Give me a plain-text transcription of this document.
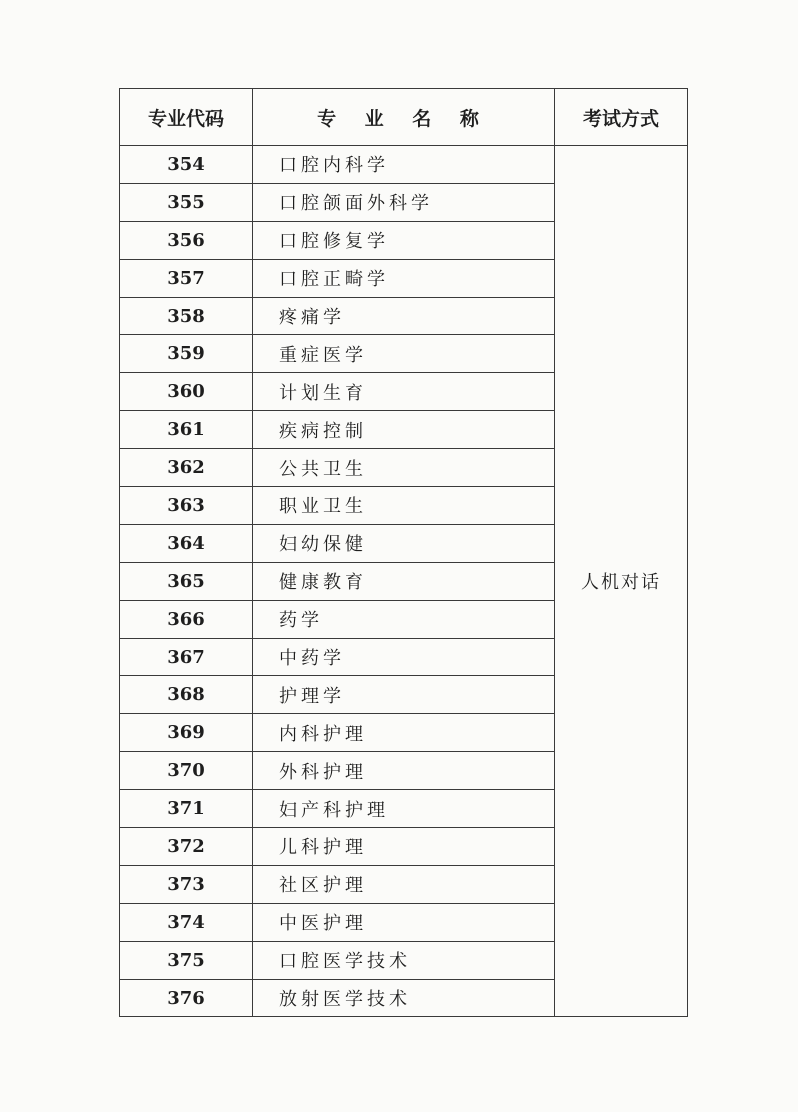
专业代码	专 业 名 称	考试方式
354	口腔内科学	人机对话
355	口腔颌面外科学	
356	口腔修复学	
357	口腔正畸学	
358	疼痛学	
359	重症医学	
360	计划生育	
361	疾病控制	
362	公共卫生	
363	职业卫生	
364	妇幼保健	
365	健康教育	
366	药学	
367	中药学	
368	护理学	
369	内科护理	
370	外科护理	
371	妇产科护理	
372	儿科护理	
373	社区护理	
374	中医护理	
375	口腔医学技术	
376	放射医学技术	
